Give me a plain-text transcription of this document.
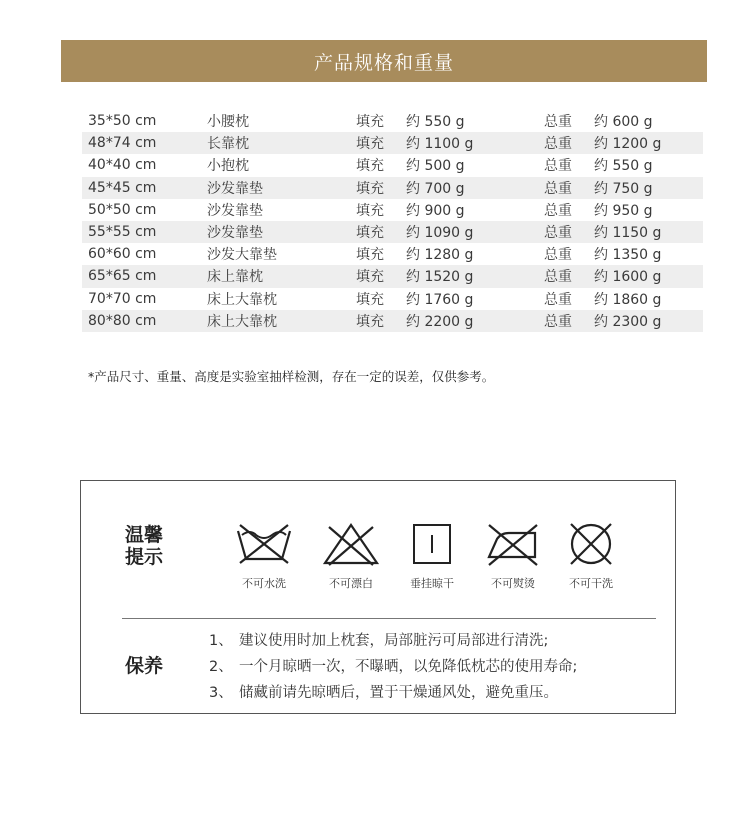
产品规格和重量
35*50 cm	小腰枕	填充 约 550 g	总重 约 600 g
48*74 cm	长靠枕	填充 约 1100 g	总重 约 1200 g
40*40 cm	小抱枕	填充 约 500 g	总重 约 550 g
45*45 cm	沙发靠垫	填充 约 700 g	总重 约 750 g
50*50 cm	沙发靠垫	填充 约 900 g	总重 约 950 g
55*55 cm	沙发靠垫	填充 约 1090 g	总重 约 1150 g
60*60 cm	沙发大靠垫	填充 约 1280 g	总重 约 1350 g
65*65 cm	床上靠枕	填充 约 1520 g	总重 约 1600 g
70*70 cm	床上大靠枕	填充 约 1760 g	总重 约 1860 g
80*80 cm	床上大靠枕	填充 约 2200 g	总重 约 2300 g
*产品尺寸、重量、高度是实验室抽样检测，存在一定的误差，仅供参考。
温馨
提示
不可水洗	不可漂白	垂挂晾干	不可熨烫	不可干洗
保养
1、 建议使用时加上枕套，局部脏污可局部进行清洗;
2、 一个月晾晒一次，不曝晒，以免降低枕芯的使用寿命;
3、 储藏前请先晾晒后，置于干燥通风处，避免重压。
